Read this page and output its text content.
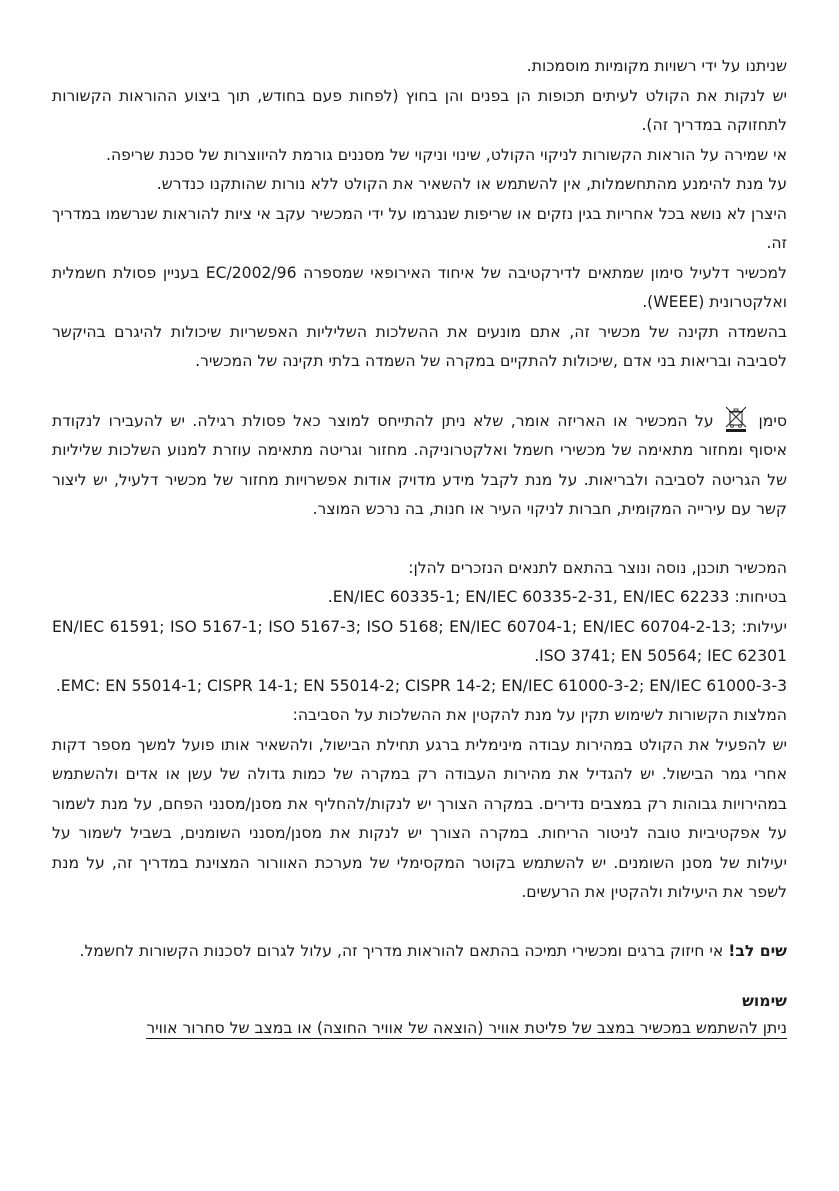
שניתנו על ידי רשויות מקומיות מוסמכות.

יש לנקות את הקולט לעיתים תכופות הן בפנים והן בחוץ (לפחות פעם בחודש, תוך ביצוע ההוראות הקשורות לתחזוקה במדריך זה).

אי שמירה על הוראות הקשורות לניקוי הקולט, שינוי וניקוי של מסננים גורמת להיווצרות של סכנת שריפה.

על מנת להימנע מהתחשמלות, אין להשתמש או להשאיר את הקולט ללא נורות שהותקנו כנדרש.

היצרן לא נושא בכל אחריות בגין נזקים או שריפות שנגרמו על ידי המכשיר עקב אי ציות להוראות שנרשמו במדריך זה.

למכשיר דלעיל סימון שמתאים לדירקטיבה של איחוד האירופאי שמספרה EC/2002/96 בעניין פסולת חשמלית ואלקטרונית (WEEE).

בהשמדה תקינה של מכשיר זה, אתם מונעים את ההשלכות השליליות האפשריות שיכולות להיגרם בהיקשר לסביבה ובריאות בני אדם ,שיכולות להתקיים במקרה של השמדה בלתי תקינה של המכשיר.

סימן  על המכשיר או האריזה אומר, שלא ניתן להתייחס למוצר כאל פסולת רגילה. יש להעבירו לנקודת איסוף ומחזור מתאימה של מכשירי חשמל ואלקטרוניקה. מחזור וגריטה מתאימה עוזרת למנוע השלכות שליליות של הגריטה לסביבה ולבריאות. על מנת לקבל מידע מדויק אודות אפשרויות מחזור של מכשיר דלעיל, יש ליצור קשר עם עירייה המקומית, חברות לניקוי העיר או חנות, בה נרכש המוצר.

המכשיר תוכנן, נוסה ונוצר בהתאם לתנאים הנזכרים להלן:

בטיחות: EN/IEC 60335-1; EN/IEC 60335-2-31, EN/IEC 62233.

יעילות: EN/IEC 61591; ISO 5167-1; ISO 5167-3; ISO 5168; EN/IEC 60704-1; EN/IEC 60704-2-13; ISO 3741; EN 50564; IEC 62301.

EMC: EN 55014-1; CISPR 14-1; EN 55014-2; CISPR 14-2; EN/IEC 61000-3-2; EN/IEC 61000-3-3.

המלצות הקשורות לשימוש תקין על מנת להקטין את ההשלכות על הסביבה:

יש להפעיל את הקולט במהירות עבודה מינימלית ברגע תחילת הבישול, ולהשאיר אותו פועל למשך מספר דקות אחרי גמר הבישול. יש להגדיל את מהירות העבודה רק במקרה של כמות גדולה של עשן או אדים ולהשתמש במהירויות גבוהות רק במצבים נדירים. במקרה הצורך יש לנקות/להחליף את מסנן/מסנני הפחם, על מנת לשמור על אפקטיביות טובה לניטור הריחות. במקרה הצורך יש לנקות את מסנן/מסנני השומנים, בשביל לשמור על יעילות של מסנן השומנים. יש להשתמש בקוטר המקסימלי של מערכת האוורור המצוינת במדריך זה, על מנת לשפר את היעילות ולהקטין את הרעשים.

שים לב! אי חיזוק ברגים ומכשירי תמיכה בהתאם להוראות מדריך זה, עלול לגרום לסכנות הקשורות לחשמל.

שימוש

ניתן להשתמש במכשיר במצב של פליטת אוויר (הוצאה של אוויר החוצה) או במצב של סחרור אוויר
